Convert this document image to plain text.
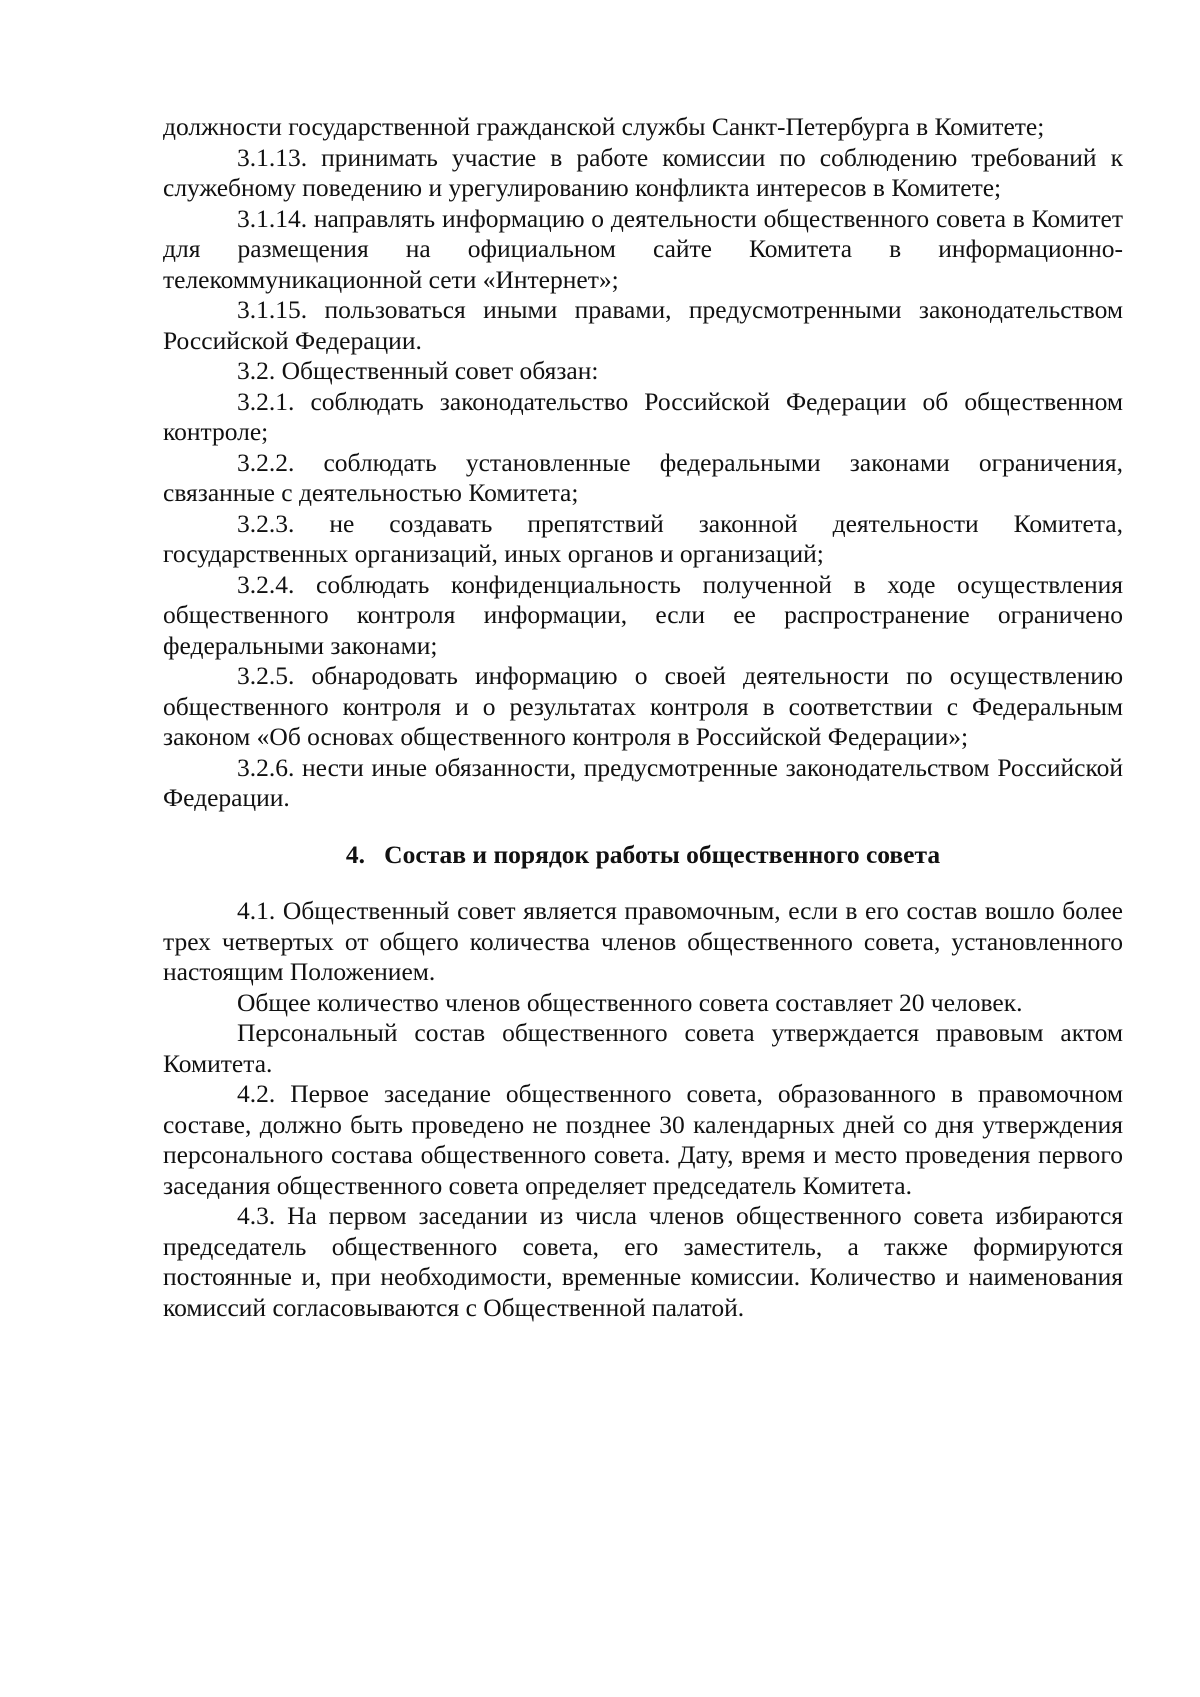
должности государственной гражданской службы Санкт-Петербурга в Комитете;

3.1.13. принимать участие в работе комиссии по соблюдению требований к служебному поведению и урегулированию конфликта интересов в Комитете;

3.1.14. направлять информацию о деятельности общественного совета в Комитет для размещения на официальном сайте Комитета в информационно-телекоммуникационной сети «Интернет»;

3.1.15. пользоваться иными правами, предусмотренными законодательством Российской Федерации.

3.2. Общественный совет обязан:

3.2.1. соблюдать законодательство Российской Федерации об общественном контроле;

3.2.2. соблюдать установленные федеральными законами ограничения, связанные с деятельностью Комитета;

3.2.3. не создавать препятствий законной деятельности Комитета, государственных организаций, иных органов и организаций;

3.2.4. соблюдать конфиденциальность полученной в ходе осуществления общественного контроля информации, если ее распространение ограничено федеральными законами;

3.2.5. обнародовать информацию о своей деятельности по осуществлению общественного контроля и о результатах контроля в соответствии с Федеральным законом «Об основах общественного контроля в Российской Федерации»;

3.2.6. нести иные обязанности, предусмотренные законодательством Российской Федерации.

4.   Состав и порядок работы общественного совета

4.1. Общественный совет является правомочным, если в его состав вошло более трех четвертых от общего количества членов общественного совета, установленного настоящим Положением.

Общее количество членов общественного совета составляет 20 человек.

Персональный состав общественного совета утверждается правовым актом Комитета.

4.2. Первое заседание общественного совета, образованного в правомочном составе, должно быть проведено не позднее 30 календарных дней со дня утверждения персонального состава общественного совета. Дату, время и место проведения первого заседания общественного совета определяет председатель Комитета.

4.3. На первом заседании из числа членов общественного совета избираются председатель общественного совета, его заместитель, а также формируются постоянные и, при необходимости, временные комиссии. Количество и наименования комиссий согласовываются с Общественной палатой.
